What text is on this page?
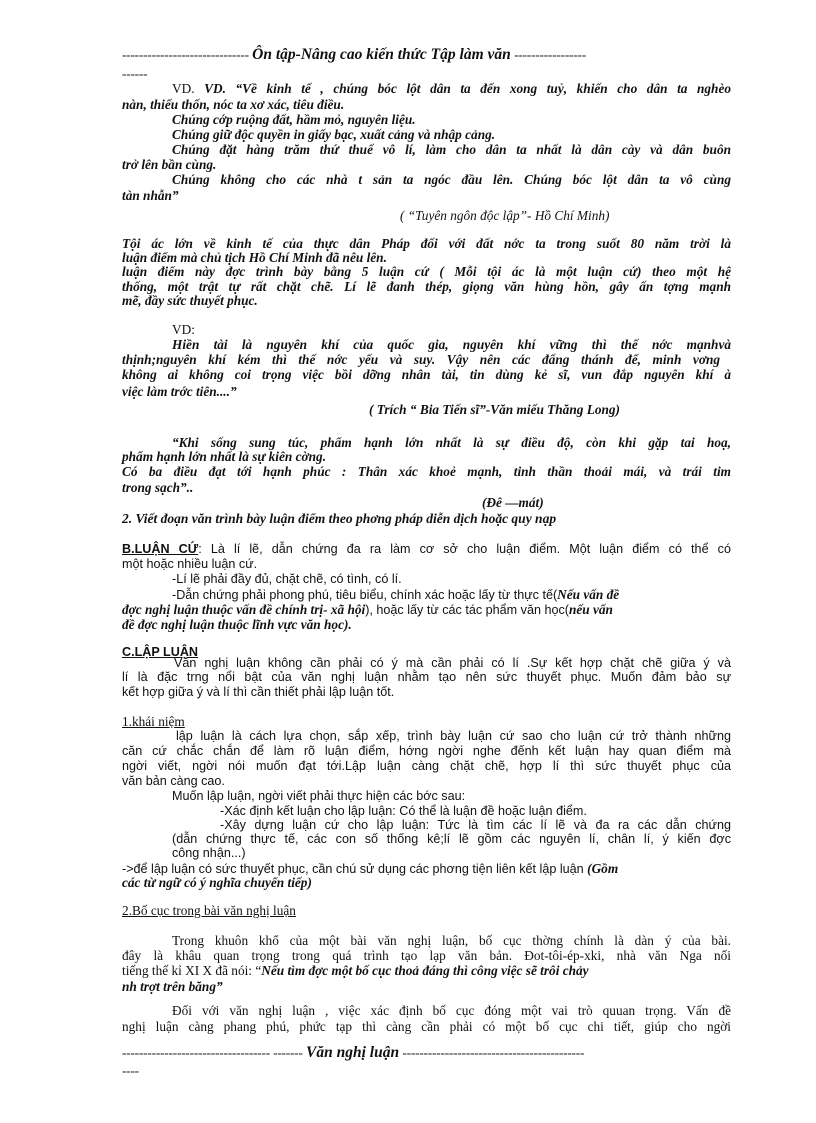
------------------------------ Ôn tập-Nâng cao kiến thức Tập làm văn -----------------
------
VD. VD. “Về kinh tế , chúng bóc lột dân ta đến xong tuỷ, khiến cho dân ta nghèo
nàn, thiếu thốn, nóc ta xơ xác, tiêu điều.
Chúng cớp ruộng đất, hầm mỏ, nguyên liệu.
Chúng giữ độc quyền in giấy bạc, xuất cảng và nhập cảng.
Chúng đặt hàng trăm thứ thuế vô lí, làm cho dân ta nhất là dân cày và dân buôn
trở lên bần cùng.
Chúng không cho các nhà t sản ta ngóc đầu lên. Chúng bóc lột dân ta vô cùng
tàn nhẫn”
( “Tuyên ngôn độc lập”- Hồ Chí Minh)
Tội ác lớn về kinh tế của thực dân Pháp đối với đất nớc ta trong suốt 80 năm trời là
luận điểm mà chủ tịch Hồ Chí Minh đã nêu lên.
luận điểm này đợc trình bày bằng 5 luận cứ ( Mỗi tội ác là một luận cứ) theo một hệ
thống, một trật tự rất chặt chẽ. Lí lẽ đanh thép, giọng văn hùng hồn, gây ấn tợng mạnh
mẽ, đầy sức thuyết phục.
VD:
Hiền tài là nguyên khí của quốc gia, nguyên khí vững thì thế nớc mạnhvà
thịnh;nguyên khí kém thì thế nớc yếu và suy. Vậy nên các đấng thánh đế, minh vơng
không ai không coi trọng việc bồi dỡng nhân tài, tin dùng kẻ sĩ, vun đắp nguyên khí à
việc làm trớc tiên....”
( Trích “ Bia Tiến sĩ”-Văn miếu Thăng Long)
“Khi sống sung túc, phẩm hạnh lớn nhất là sự điều độ, còn khi gặp tai hoạ,
phẩm hạnh lớn nhất là sự kiên cờng.
Có ba điều đạt tới hạnh phúc : Thân xác khoẻ mạnh, tinh thần thoải mái, và trái tim
trong sạch”..
(Đê —mát)
2. Viết đoạn văn trình bày luận điểm theo phơng pháp diễn dịch hoặc quy nạp
B.LUẬN CỨ: Là lí lẽ, dẫn chứng đa ra làm cơ sở cho luận điểm. Một luận điểm có thể có
một hoặc nhiều luận cứ.
-Lí lẽ phải đầy đủ, chặt chẽ, có tình, có lí.
-Dẫn chứng phải phong phú, tiêu biểu, chính xác hoặc lấy từ thực tế(Nếu vấn đề
đợc nghị luận thuộc vấn đề chính trị- xã hội), hoặc lấy từ các tác phẩm văn học(nếu vấn
đề đợc nghị luận thuộc lĩnh vực văn học).
C.LẬP LUẬN
Văn nghị luận không cần phải có ý mà cần phải có lí .Sự kết hợp chặt chẽ giữa ý và
lí là đặc trng nổi bật của văn nghị luận nhằm tạo nên sức thuyết phục. Muốn đảm bảo sự
kết hợp giữa ý và lí thì cần thiết phải lập luận tốt.
1.khái niệm
lập luận là cách lựa chọn, sắp xếp, trình bày luận cứ sao cho luận cứ trở thành những
căn cứ chắc chắn để làm rõ luận điểm, hớng ngời nghe đếnh kết luận hay quan điểm mà
ngời viết, ngời nói muốn đạt tới.Lập luận càng chặt chẽ, hợp lí thì sức thuyết phục của
văn bản càng cao.
Muốn lập luận, ngời viết phải thực hiện các bớc sau:
-Xác định kết luận cho lập luận: Có thể là luận đề hoặc luận điểm.
-Xây dựng luận cứ cho lập luận: Tức là tìm các lí lẽ và đa ra các dẫn chứng
(dẫn chứng thực tế, các con số thống kê;lí lẽ gồm các nguyên lí, chân lí, ý kiến đợc
công nhận...)
->để lập luận có sức thuyết phục, cần chú sử dụng các phơng tiện liên kết lập luận (Gồm
các từ ngữ có ý nghĩa chuyển tiếp)
2.Bố cục trong bài văn nghị luận
Trong khuôn khổ của một bài văn nghị luận, bố cục thờng chính là dàn ý của bài.
đây là khâu quan trọng trong quá trình tạo lạp văn bản. Đot-tôi-ép-xki, nhà văn Nga nổi
tiếng thế kỉ XI X đã nói: “Nếu tìm đợc một bố cục thoả đáng thì công việc sẽ trôi chảy
nh trợt trên băng”
Đối với văn nghị luận , việc xác định bố cục đóng một vai trò quuan trọng. Vấn đề
nghị luận càng phang phú, phức tạp thì càng cần phải có một bố cục chi tiết, giúp cho ngời
----------------------------------- ------- Văn nghị luận -------------------------------------------
----
